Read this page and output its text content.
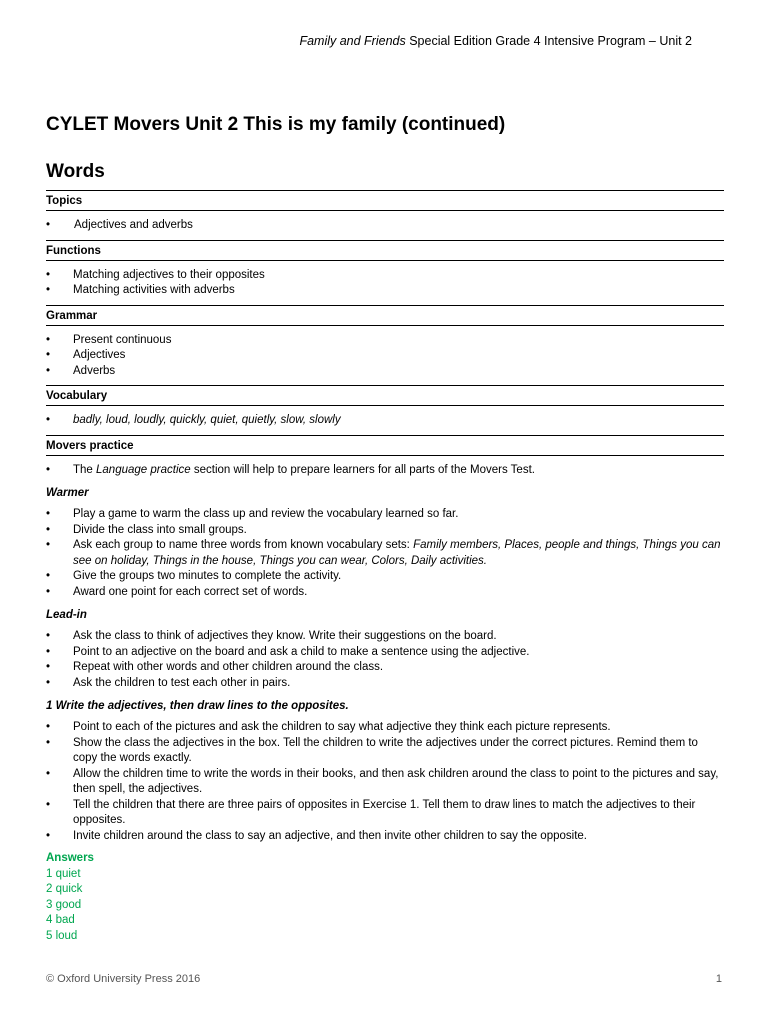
Family and Friends Special Edition Grade 4 Intensive Program – Unit 2
CYLET Movers Unit 2 This is my family (continued)
Words
Topics
•	Adjectives and adverbs
Functions
•	Matching adjectives to their opposites
•	Matching activities with adverbs
Grammar
•	Present continuous
•	Adjectives
•	Adverbs
Vocabulary
•	badly, loud, loudly, quickly, quiet, quietly, slow, slowly
Movers practice
•	The Language practice section will help to prepare learners for all parts of the Movers Test.
Warmer
•	Play a game to warm the class up and review the vocabulary learned so far.
•	Divide the class into small groups.
•	Ask each group to name three words from known vocabulary sets: Family members, Places, people and things, Things you can see on holiday, Things in the house, Things you can wear, Colors, Daily activities.
•	Give the groups two minutes to complete the activity.
•	Award one point for each correct set of words.
Lead-in
•	Ask the class to think of adjectives they know. Write their suggestions on the board.
•	Point to an adjective on the board and ask a child to make a sentence using the adjective.
•	Repeat with other words and other children around the class.
•	Ask the children to test each other in pairs.
1 Write the adjectives, then draw lines to the opposites.
•	Point to each of the pictures and ask the children to say what adjective they think each picture represents.
•	Show the class the adjectives in the box. Tell the children to write the adjectives under the correct pictures. Remind them to copy the words exactly.
•	Allow the children time to write the words in their books, and then ask children around the class to point to the pictures and say, then spell, the adjectives.
•	Tell the children that there are three pairs of opposites in Exercise 1. Tell them to draw lines to match the adjectives to their opposites.
•	Invite children around the class to say an adjective, and then invite other children to say the opposite.
Answers
1 quiet
2 quick
3 good
4 bad
5 loud
© Oxford University Press 2016	1
